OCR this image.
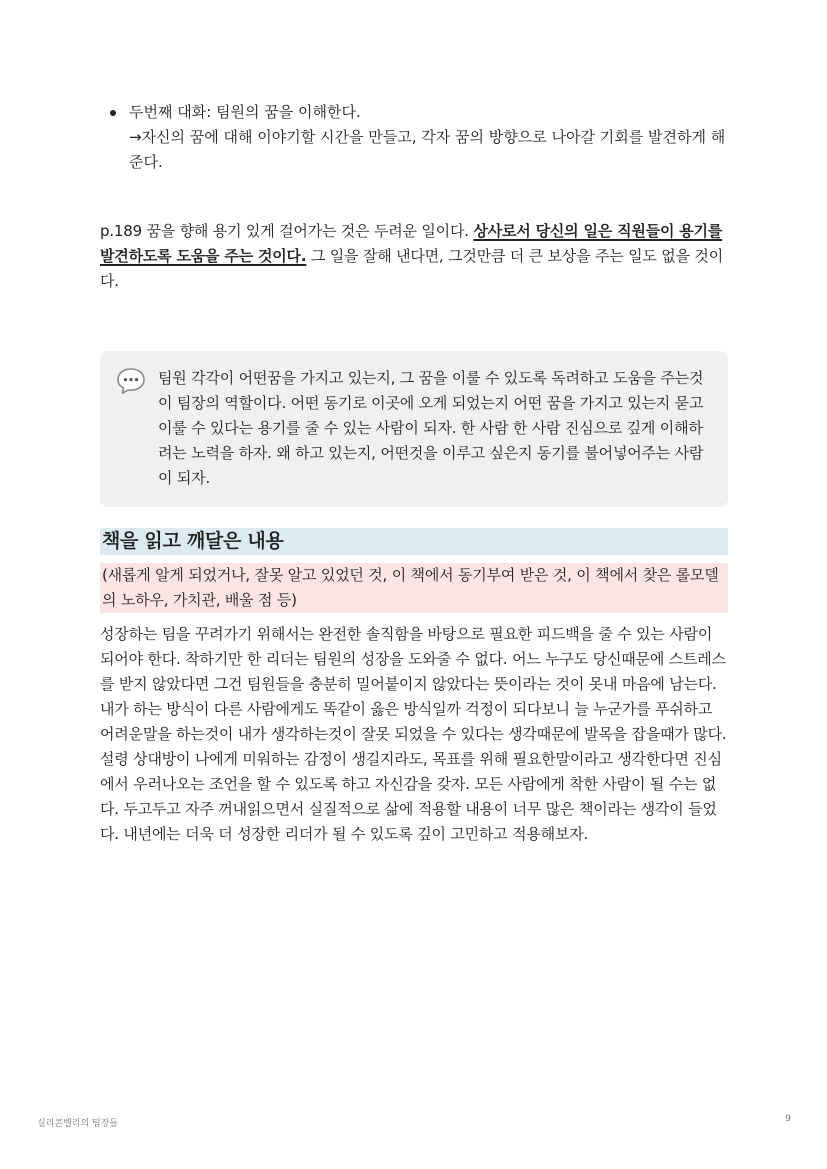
두번째 대화: 팀원의 꿈을 이해한다.
→자신의 꿈에 대해 이야기할 시간을 만들고, 각자 꿈의 방향으로 나아갈 기회를 발견하게 해준다.

p.189 꿈을 향해 용기 있게 걸어가는 것은 두려운 일이다. 상사로서 당신의 일은 직원들이 용기를 발견하도록 도움을 주는 것이다. 그 일을 잘해 낸다면, 그것만큼 더 큰 보상을 주는 일도 없을 것이다.

팀원 각각이 어떤꿈을 가지고 있는지, 그 꿈을 이룰 수 있도록 독려하고 도움을 주는것이 팀장의 역할이다. 어떤 동기로 이곳에 오게 되었는지 어떤 꿈을 가지고 있는지 묻고 이룰 수 있다는 용기를 줄 수 있는 사람이 되자. 한 사람 한 사람 진심으로 깊게 이해하려는 노력을 하자. 왜 하고 있는지, 어떤것을 이루고 싶은지 동기를 불어넣어주는 사람이 되자.
책을 읽고 깨달은 내용
(새롭게 알게 되었거나, 잘못 알고 있었던 것, 이 책에서 동기부여 받은 것, 이 책에서 찾은 롤모델의 노하우, 가치관, 배울 점 등)

성장하는 팀을 꾸려가기 위해서는 완전한 솔직함을 바탕으로 필요한 피드백을 줄 수 있는 사람이 되어야 한다. 착하기만 한 리더는 팀원의 성장을 도와줄 수 없다. 어느 누구도 당신때문에 스트레스를 받지 않았다면 그건 팀원들을 충분히 밀어붙이지 않았다는 뜻이라는 것이 못내 마음에 남는다. 내가 하는 방식이 다른 사람에게도 똑같이 옳은 방식일까 걱정이 되다보니 늘 누군가를 푸쉬하고 어려운말을 하는것이 내가 생각하는것이 잘못 되었을 수 있다는 생각때문에 발목을 잡을때가 많다. 설령 상대방이 나에게 미워하는 감정이 생길지라도, 목표를 위해 필요한말이라고 생각한다면 진심에서 우러나오는 조언을 할 수 있도록 하고 자신감을 갖자. 모든 사람에게 착한 사람이 될 수는 없다. 두고두고 자주 꺼내읽으면서 실질적으로 삶에 적용할 내용이 너무 많은 책이라는 생각이 들었다. 내년에는 더욱 더 성장한 리더가 될 수 있도록 깊이 고민하고 적용해보자.

실리콘밸리의 팀장들	9
